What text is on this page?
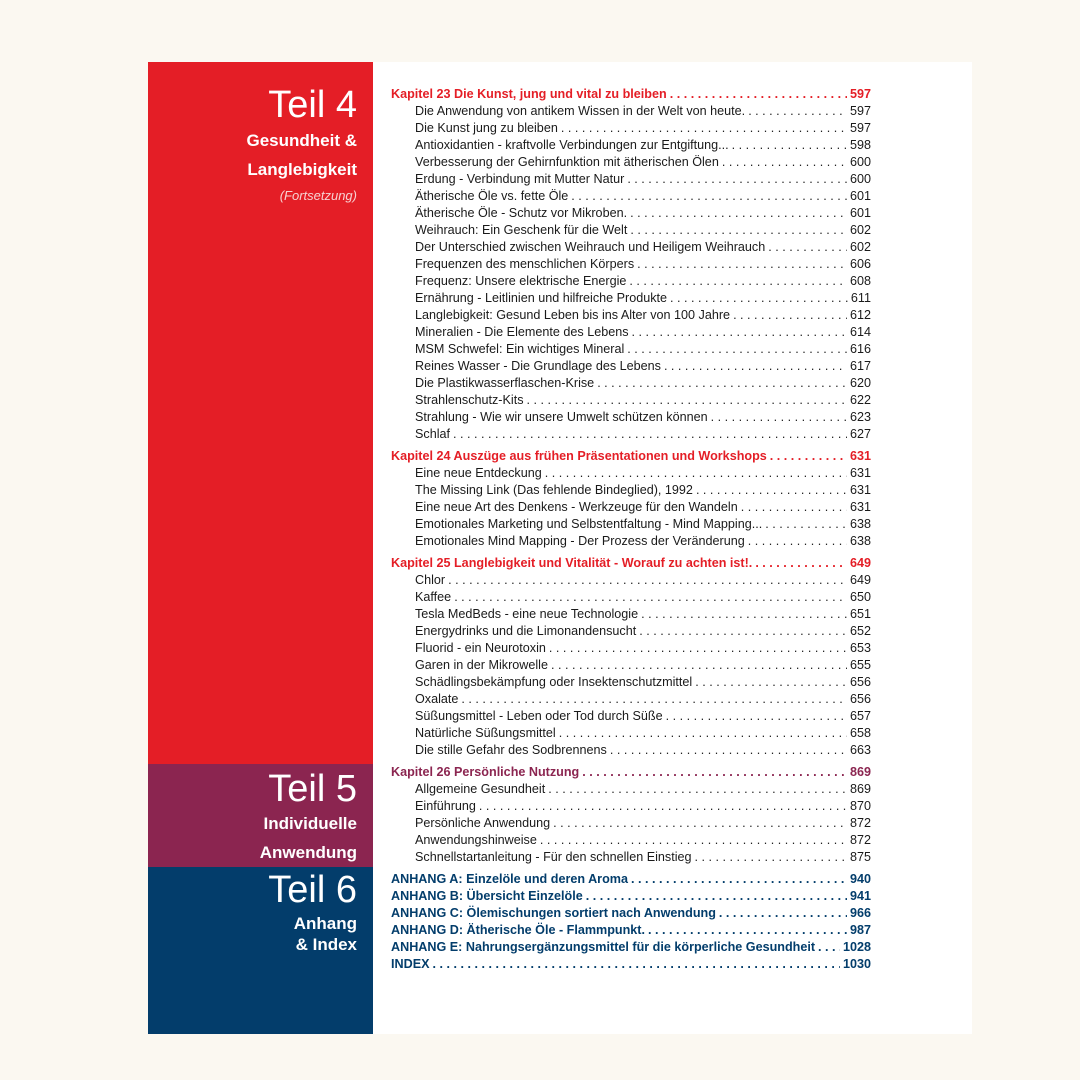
Teil 4
Gesundheit &
Langlebigkeit
(Fortsetzung)
Teil 5
Individuelle
Anwendung
Teil 6
Anhang
& Index
Kapitel 23 Die Kunst, jung und vital zu bleiben . . .	597
Die Anwendung von antikem Wissen in der Welt von heute. . . .	597
Die Kunst jung zu bleiben . . .	597
Antioxidantien - kraftvolle Verbindungen zur Entgiftung... . . .	598
Verbesserung der Gehirnfunktion mit ätherischen Ölen . . .	600
Erdung - Verbindung mit Mutter Natur . . .	600
Ätherische Öle vs. fette Öle . . .	601
Ätherische Öle - Schutz vor Mikroben. . . .	601
Weihrauch: Ein Geschenk für die Welt . . .	602
Der Unterschied zwischen Weihrauch und Heiligem Weihrauch . . .	602
Frequenzen des menschlichen Körpers . . .	606
Frequenz: Unsere elektrische Energie . . .	608
Ernährung - Leitlinien und hilfreiche Produkte . . .	611
Langlebigkeit: Gesund Leben bis ins Alter von 100 Jahre . . .	612
Mineralien - Die Elemente des Lebens . . .	614
MSM Schwefel: Ein wichtiges Mineral . . .	616
Reines Wasser - Die Grundlage des Lebens . . .	617
Die Plastikwasserflaschen-Krise . . .	620
Strahlenschutz-Kits . . .	622
Strahlung - Wie wir unsere Umwelt schützen können . . .	623
Schlaf . . .	627
Kapitel 24 Auszüge aus frühen Präsentationen und Workshops . . .	631
Eine neue Entdeckung . . .	631
The Missing Link (Das fehlende Bindeglied), 1992 . . .	631
Eine neue Art des Denkens - Werkzeuge für den Wandeln . . .	631
Emotionales Marketing und Selbstentfaltung - Mind Mapping... . . .	638
Emotionales Mind Mapping - Der Prozess der Veränderung . . .	638
Kapitel 25 Langlebigkeit und Vitalität - Worauf zu achten ist!. . . .	649
Chlor . . .	649
Kaffee . . .	650
Tesla MedBeds - eine neue Technologie . . .	651
Energydrinks und die Limonandensucht . . .	652
Fluorid - ein Neurotoxin . . .	653
Garen in der Mikrowelle . . .	655
Schädlingsbekämpfung oder Insektenschutzmittel . . .	656
Oxalate . . .	656
Süßungsmittel - Leben oder Tod durch Süße . . .	657
Natürliche Süßungsmittel . . .	658
Die stille Gefahr des Sodbrennens . . .	663
Kapitel 26 Persönliche Nutzung . . .	869
Allgemeine Gesundheit . . .	869
Einführung . . .	870
Persönliche Anwendung . . .	872
Anwendungshinweise . . .	872
Schnellstartanleitung - Für den schnellen Einstieg . . .	875
ANHANG A: Einzelöle und deren Aroma . . .	940
ANHANG B: Übersicht Einzelöle . . .	941
ANHANG C: Ölemischungen sortiert nach Anwendung . . .	966
ANHANG D: Ätherische Öle - Flammpunkt. . . .	987
ANHANG E: Nahrungsergänzungsmittel für die körperliche Gesundheit . . . 1028
INDEX . . .	1030
